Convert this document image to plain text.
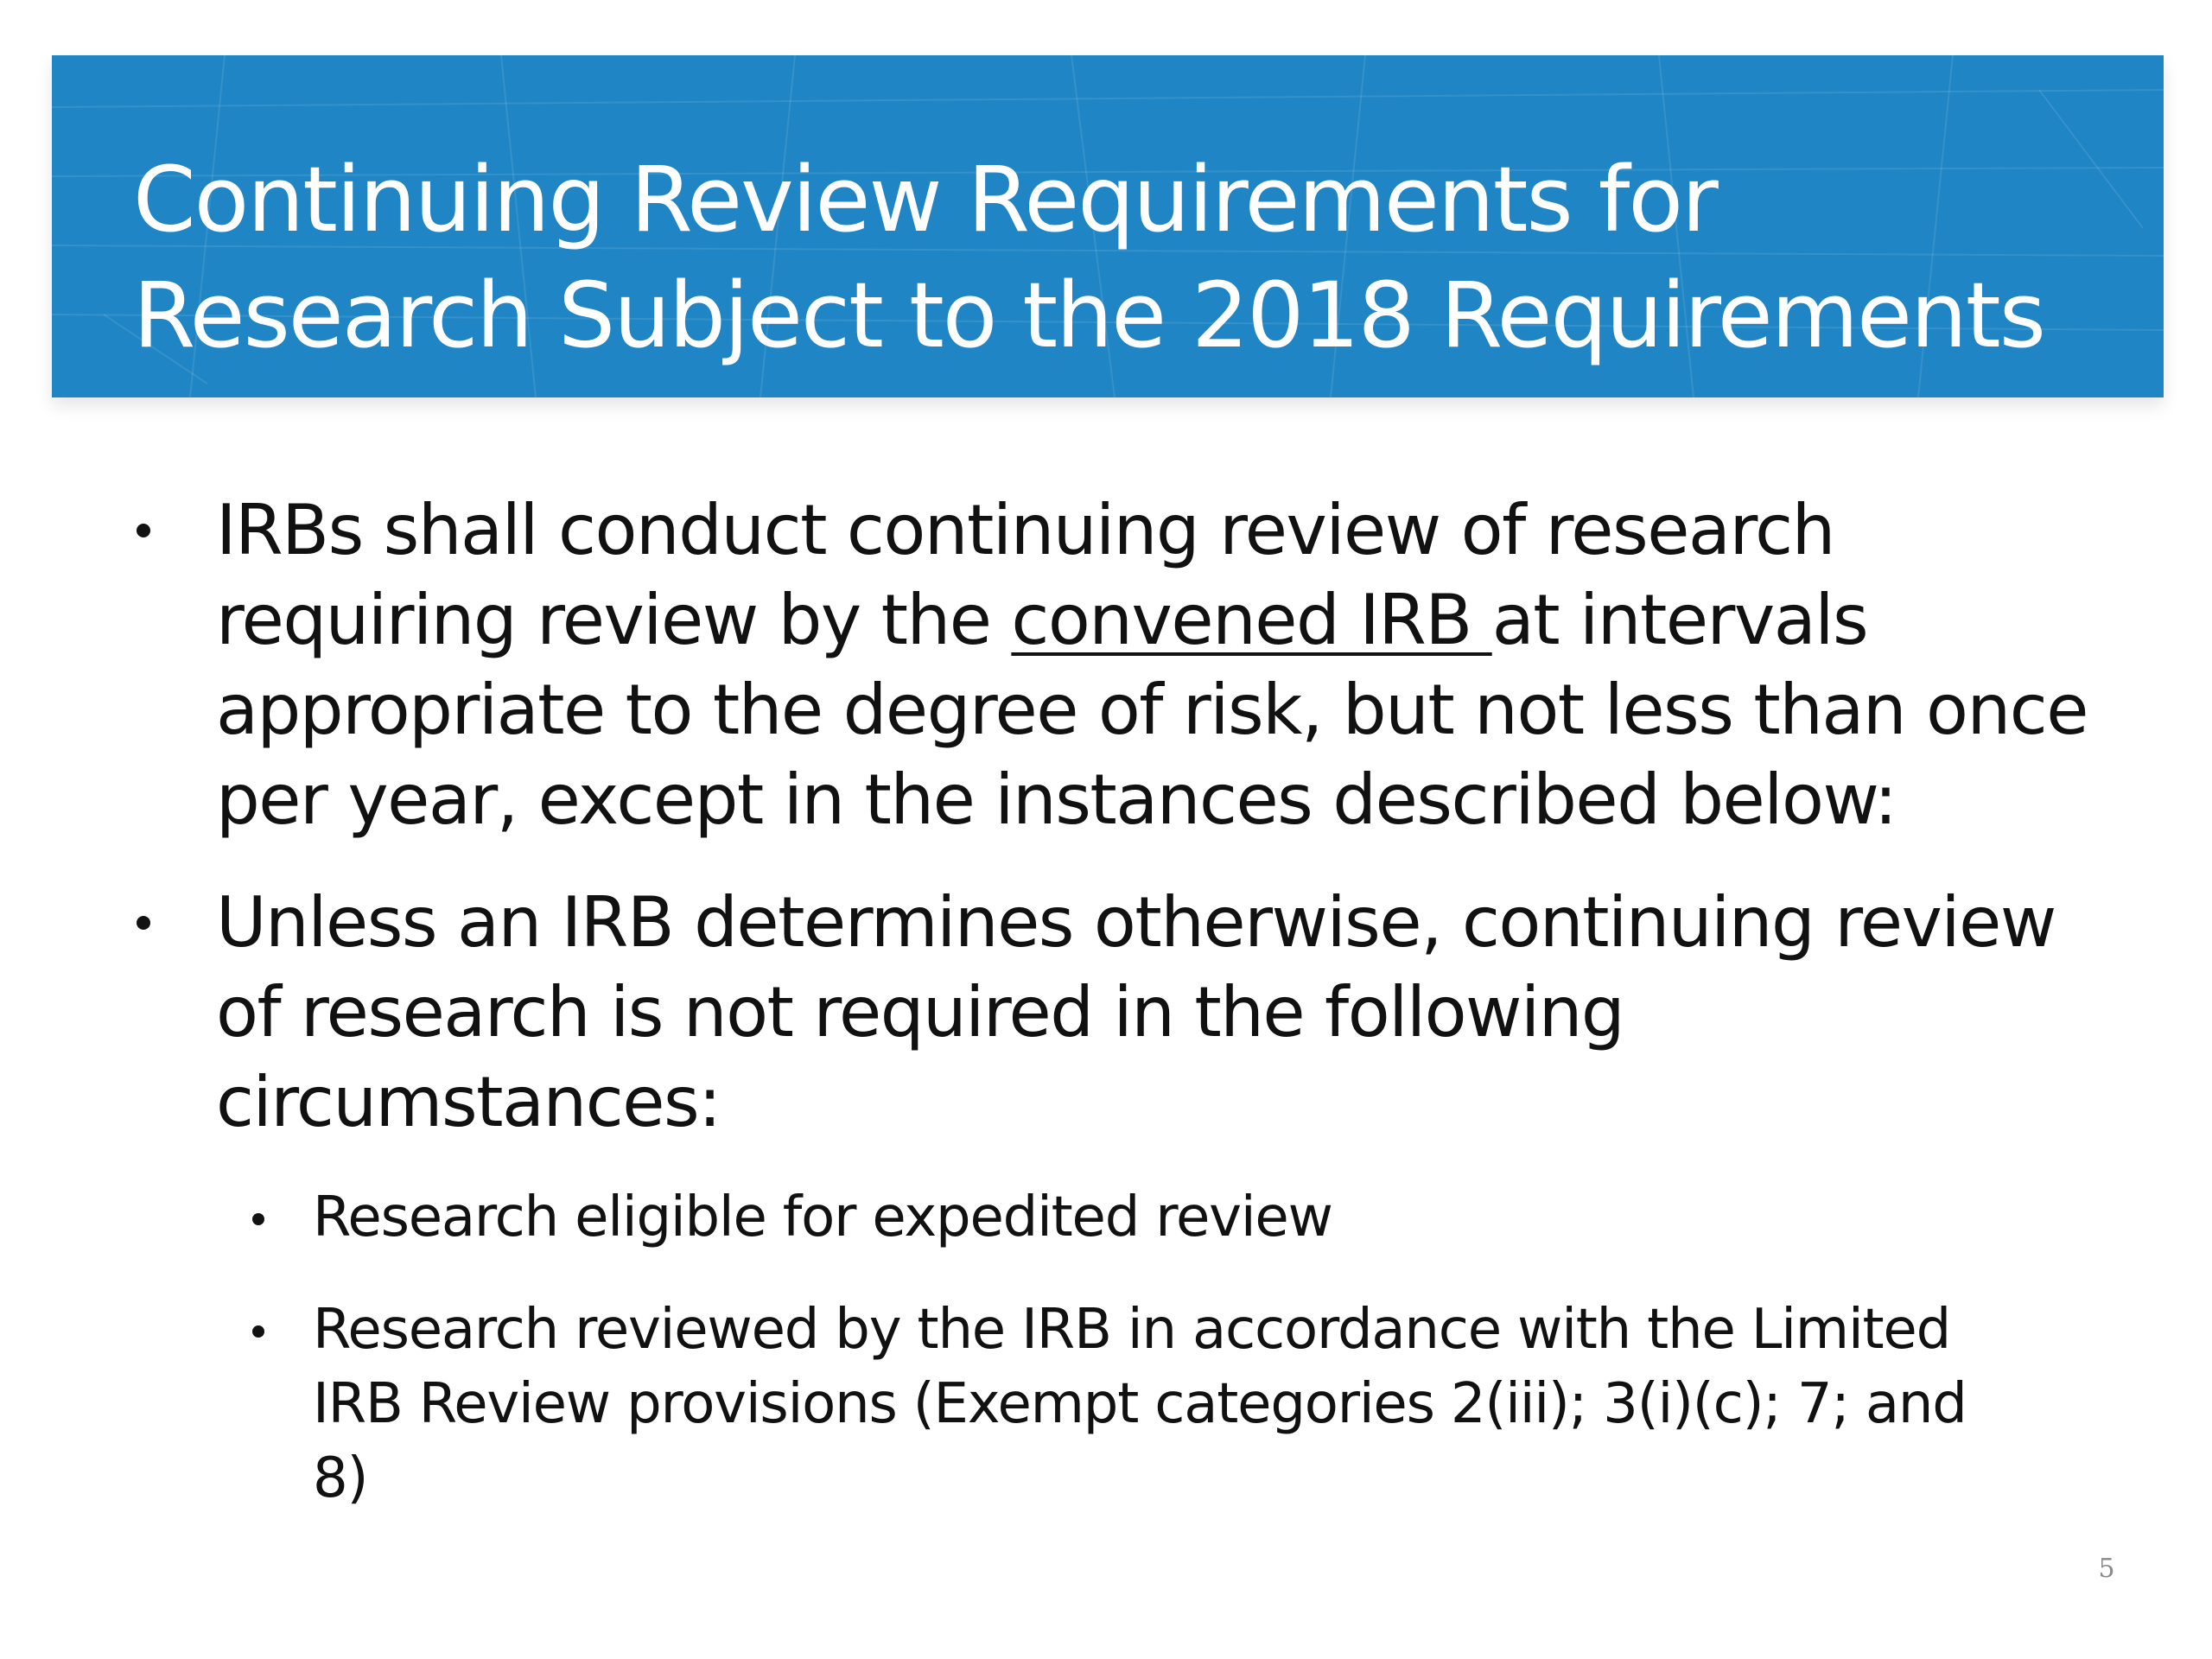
Continuing Review Requirements for
Research Subject to the 2018 Requirements
IRBs shall conduct continuing review of research
requiring review by the convened IRB at intervals
appropriate to the degree of risk, but not less than once
per year, except in the instances described below:
Unless an IRB determines otherwise, continuing review
of research is not required in the following
circumstances:
Research eligible for expedited review
Research reviewed by the IRB in accordance with the Limited
IRB Review provisions (Exempt categories 2(iii); 3(i)(c); 7; and
8)
5
